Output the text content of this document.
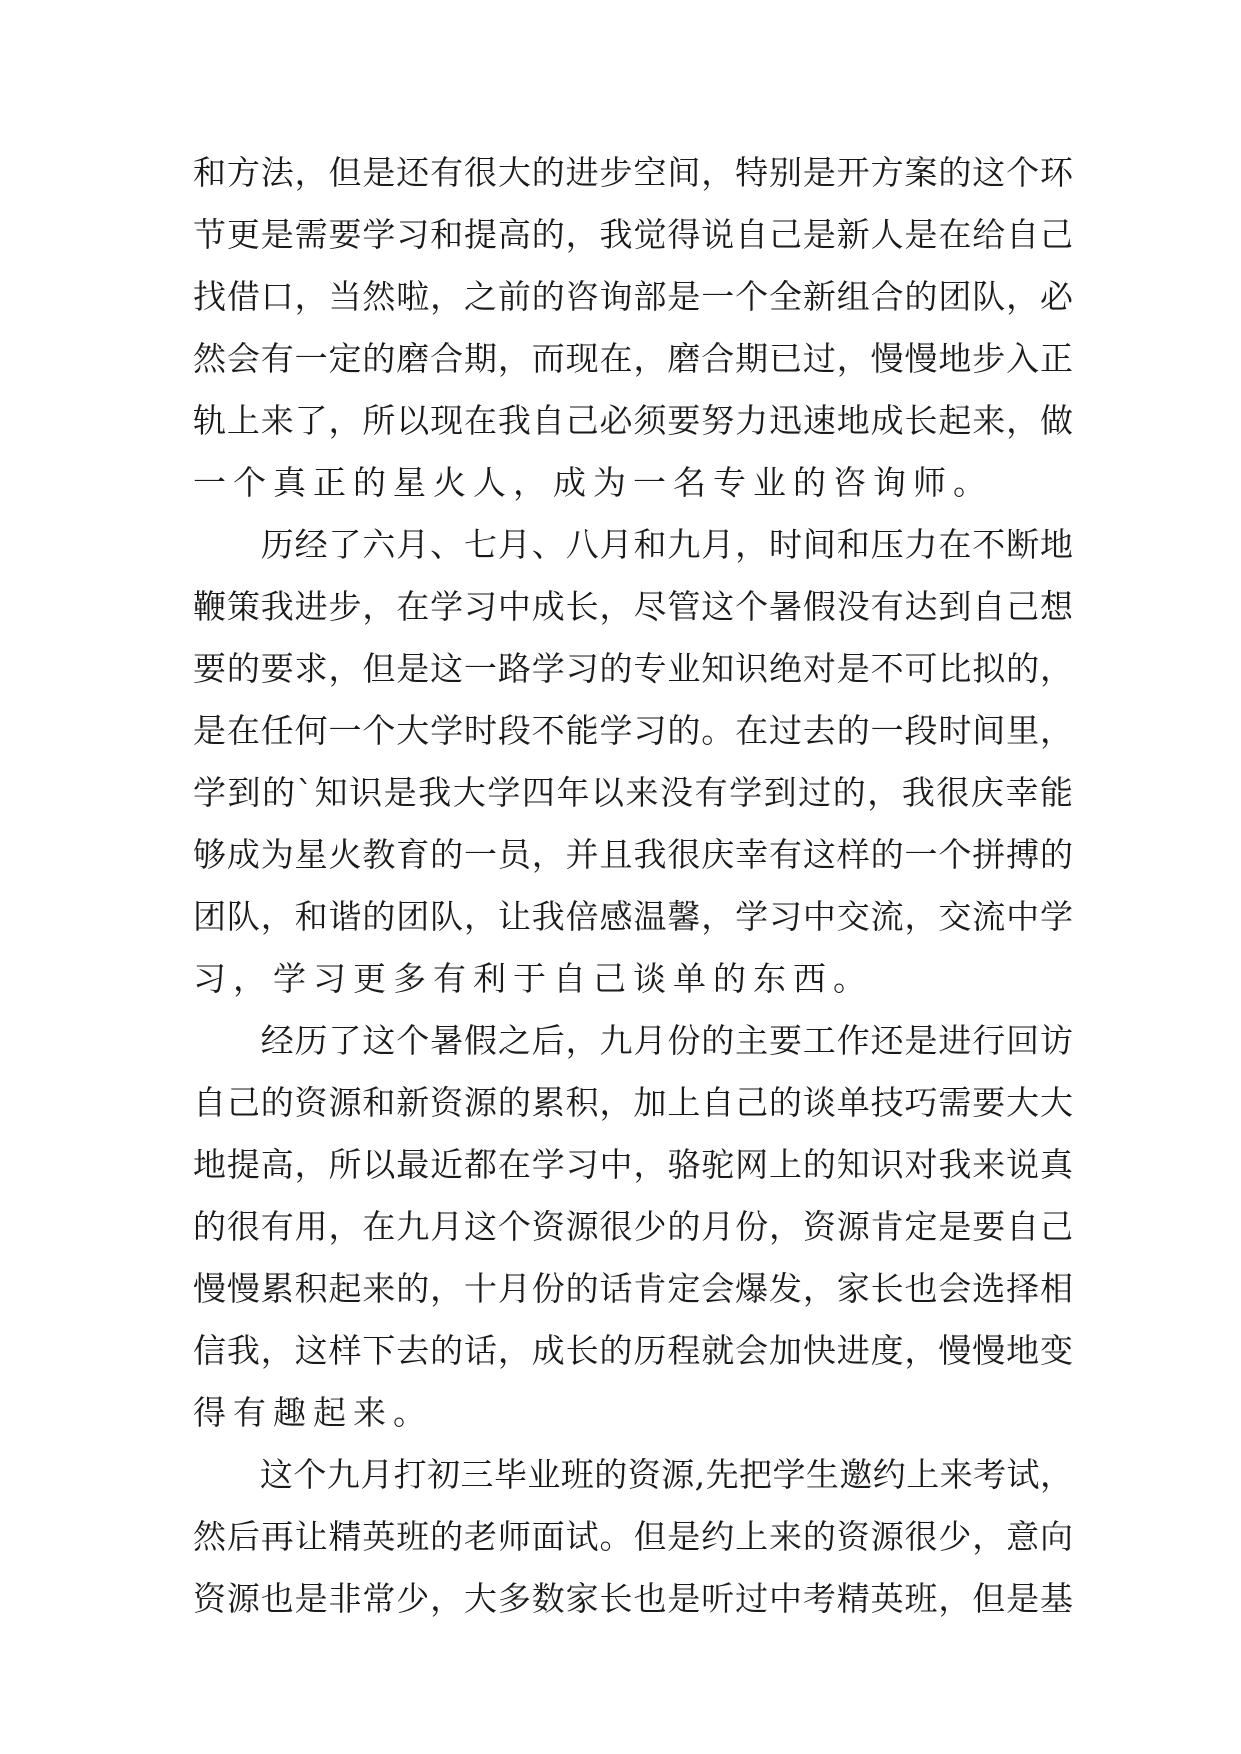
和方法，但是还有很大的进步空间，特别是开方案的这个环
节更是需要学习和提高的，我觉得说自己是新人是在给自己
找借口，当然啦，之前的咨询部是一个全新组合的团队，必
然会有一定的磨合期，而现在，磨合期已过，慢慢地步入正
轨上来了，所以现在我自己必须要努力迅速地成长起来，做
一个真正的星火人，成为一名专业的咨询师。
　　历经了六月、七月、八月和九月，时间和压力在不断地
鞭策我进步，在学习中成长，尽管这个暑假没有达到自己想
要的要求，但是这一路学习的专业知识绝对是不可比拟的，
是在任何一个大学时段不能学习的。在过去的一段时间里，
学到的`知识是我大学四年以来没有学到过的，我很庆幸能
够成为星火教育的一员，并且我很庆幸有这样的一个拼搏的
团队，和谐的团队，让我倍感温馨，学习中交流，交流中学
习，学习更多有利于自己谈单的东西。
　　经历了这个暑假之后，九月份的主要工作还是进行回访
自己的资源和新资源的累积，加上自己的谈单技巧需要大大
地提高，所以最近都在学习中，骆驼网上的知识对我来说真
的很有用，在九月这个资源很少的月份，资源肯定是要自己
慢慢累积起来的，十月份的话肯定会爆发，家长也会选择相
信我，这样下去的话，成长的历程就会加快进度，慢慢地变
得有趣起来。
　　这个九月打初三毕业班的资源,先把学生邀约上来考试，
然后再让精英班的老师面试。但是约上来的资源很少，意向
资源也是非常少，大多数家长也是听过中考精英班，但是基
